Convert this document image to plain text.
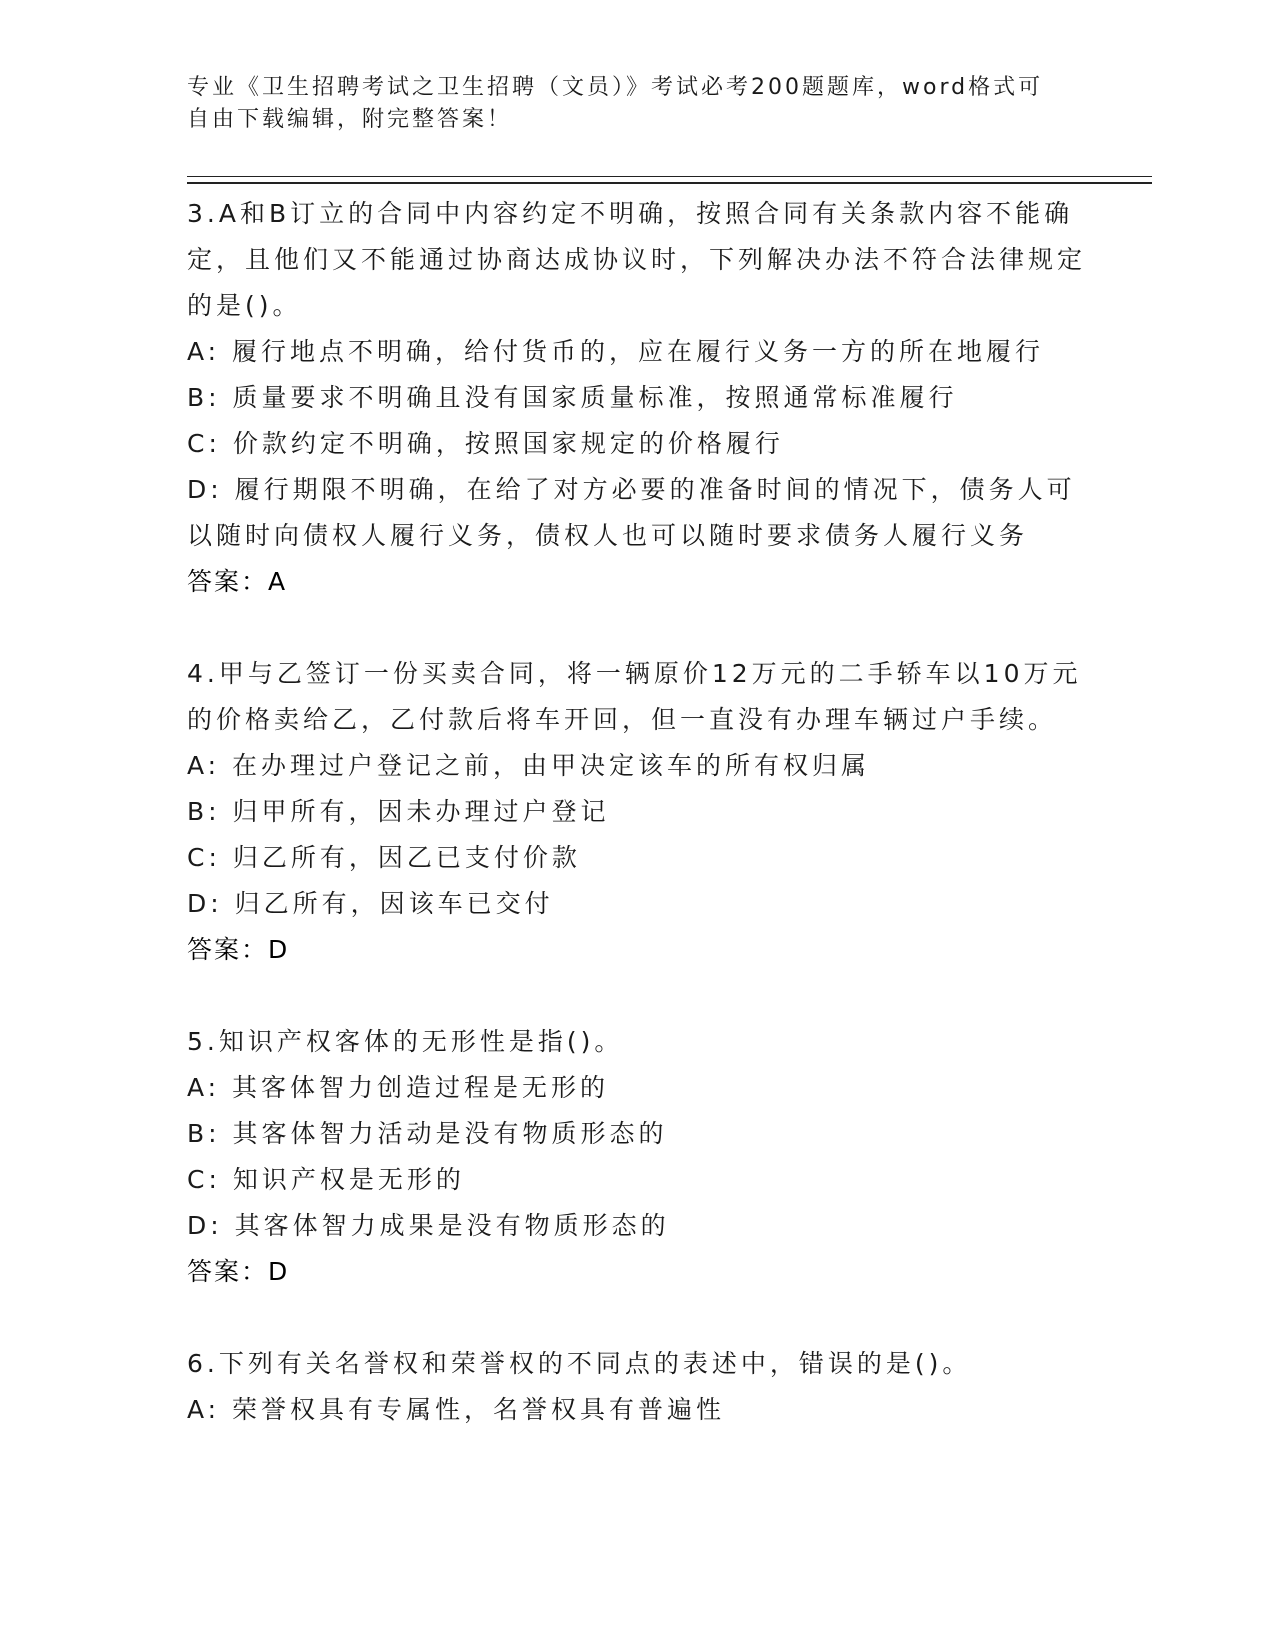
专业《卫生招聘考试之卫生招聘（文员）》考试必考200题题库，word格式可自由下载编辑，附完整答案！

3.A和B订立的合同中内容约定不明确，按照合同有关条款内容不能确定，且他们又不能通过协商达成协议时，下列解决办法不符合法律规定的是()。

A: 履行地点不明确，给付货币的，应在履行义务一方的所在地履行

B: 质量要求不明确且没有国家质量标准，按照通常标准履行

C: 价款约定不明确，按照国家规定的价格履行

D: 履行期限不明确，在给了对方必要的准备时间的情况下，债务人可以随时向债权人履行义务，债权人也可以随时要求债务人履行义务

答案：A

4.甲与乙签订一份买卖合同，将一辆原价12万元的二手轿车以10万元的价格卖给乙，乙付款后将车开回，但一直没有办理车辆过户手续。

A: 在办理过户登记之前，由甲决定该车的所有权归属

B: 归甲所有，因未办理过户登记

C: 归乙所有，因乙已支付价款

D: 归乙所有，因该车已交付

答案：D

5.知识产权客体的无形性是指()。

A: 其客体智力创造过程是无形的

B: 其客体智力活动是没有物质形态的

C: 知识产权是无形的

D: 其客体智力成果是没有物质形态的

答案：D

6.下列有关名誉权和荣誉权的不同点的表述中，错误的是()。

A: 荣誉权具有专属性，名誉权具有普遍性
